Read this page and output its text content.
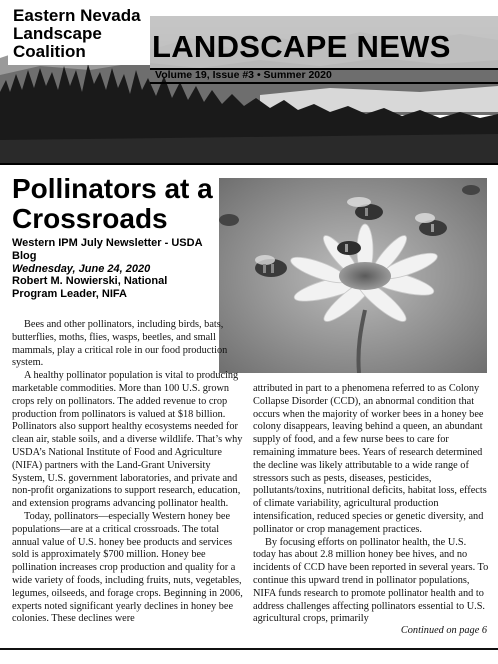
Eastern Nevada
Landscape
Coalition	LANDSCAPE NEWS
Volume 19, Issue #3 • Summer 2020
Pollinators at a Crossroads
Western IPM July Newsletter - USDA Blog
Wednesday, June 24, 2020
Robert M. Nowierski, National Program Leader, NIFA

Bees and other pollinators, including birds, bats, butterflies, moths, flies, wasps, beetles, and small mammals, play a critical role in our food production system.

A healthy pollinator population is vital to producing marketable commodities. More than 100 U.S. grown crops rely on pollinators. The added revenue to crop production from pollinators is valued at $18 billion. Pollinators also support healthy ecosystems needed for clean air, stable soils, and a diverse wildlife. That’s why USDA’s National Institute of Food and Agriculture (NIFA) partners with the Land-Grant University System, U.S. government laboratories, and private and non-profit organizations to support research, education, and extension programs advancing pollinator health.

Today, pollinators—especially Western honey bee populations—are at a critical crossroads. The total annual value of U.S. honey bee products and services sold is approximately $700 million. Honey bee pollination increases crop production and quality for a wide variety of foods, including fruits, nuts, vegetables, legumes, oilseeds, and forage crops. Beginning in 2006, experts noted significant yearly declines in honey bee colonies. These declines were

attributed in part to a phenomena referred to as Colony Collapse Disorder (CCD), an abnormal condition that occurs when the majority of worker bees in a honey bee colony disappears, leaving behind a queen, an abundant supply of food, and a few nurse bees to care for remaining immature bees. Years of research determined the decline was likely attributable to a wide range of stressors such as pests, diseases, pesticides, pollutants/toxins, nutritional deficits, habitat loss, effects of climate variability, agricultural production intensification, reduced species or genetic diversity, and pollinator or crop management practices.

By focusing efforts on pollinator health, the U.S. today has about 2.8 million honey bee hives, and no incidents of CCD have been reported in several years. To continue this upward trend in pollinator populations, NIFA funds research to promote pollinator health and to address challenges affecting pollinators essential to U.S. agricultural crops, primarily

Continued on page 6
